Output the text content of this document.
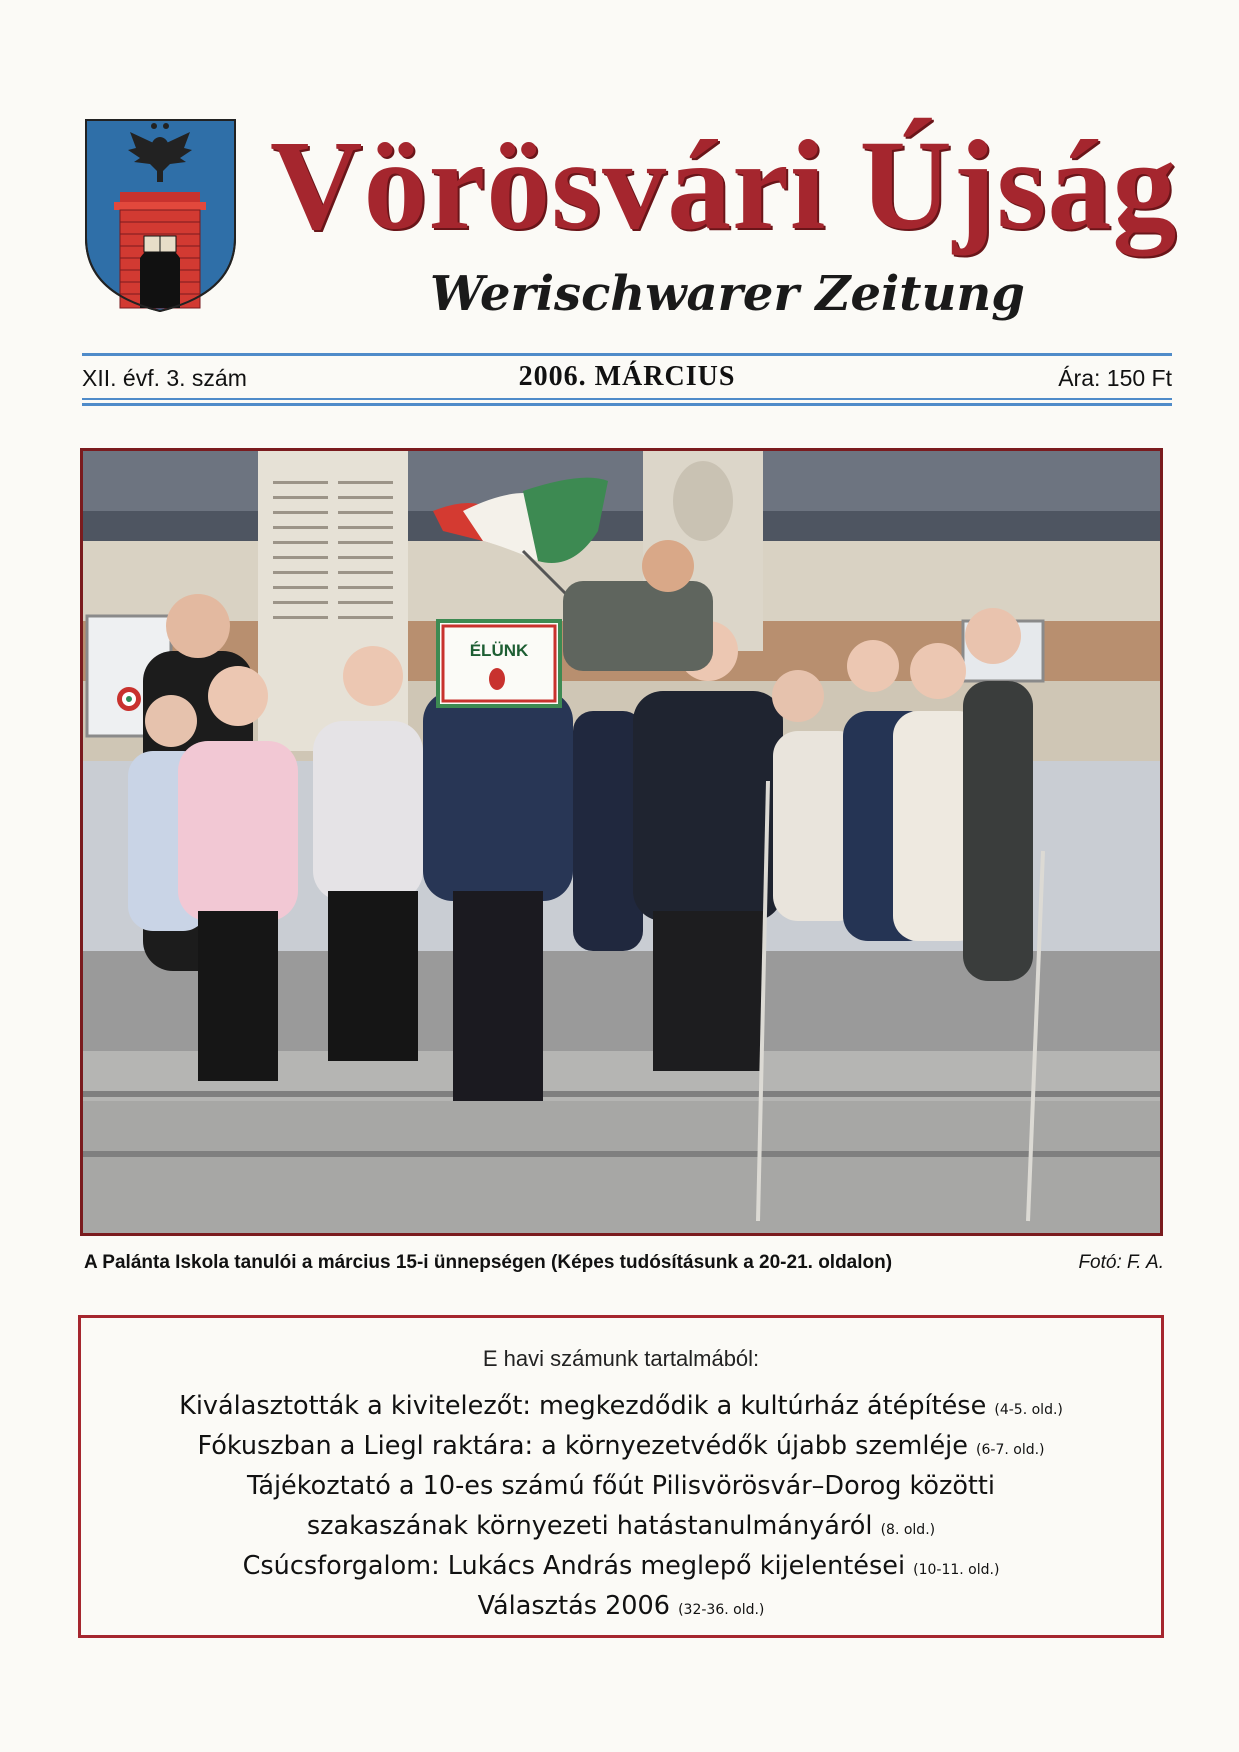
Vörösvári Újság
Werischwarer Zeitung
XII. évf. 3. szám	2006. MÁRCIUS	Ára: 150 Ft
ÉLÜNK
A Palánta Iskola tanulói a március 15-i ünnepségen (Képes tudósításunk a 20-21. oldalon)	Fotó: F. A.
E havi számunk tartalmából:
Kiválasztották a kivitelezőt: megkezdődik a kultúrház átépítése (4-5. old.)
Fókuszban a Liegl raktára: a környezetvédők újabb szemléje (6-7. old.)
Tájékoztató a 10-es számú főút Pilisvörösvár–Dorog közötti
szakaszának környezeti hatástanulmányáról (8. old.)
Csúcsforgalom: Lukács András meglepő kijelentései (10-11. old.)
Választás 2006 (32-36. old.)
